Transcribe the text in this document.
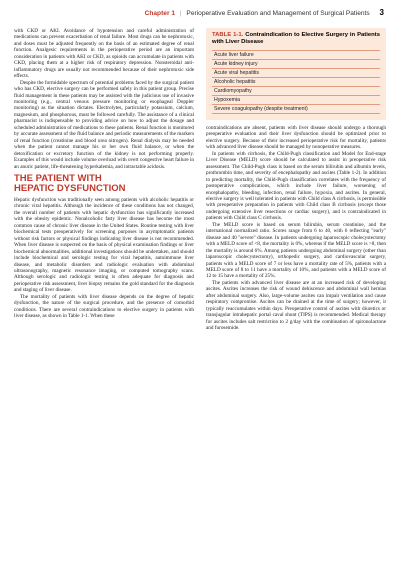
Chapter 1 | Perioperative Evaluation and Management of Surgical Patients 3

with CKD or AKI. Avoidance of hypotension and careful administration of medications can prevent exacerbation of renal failure. Most drugs can be nephrotoxic, and doses must be adjusted frequently on the basis of an estimated degree of renal function. Analgesic requirements in the perioperative period are an important consideration in patients with AKI or CKD, as opioids can accumulate in patients with CKD, placing them at a higher risk of respiratory depression. Nonsteroidal anti-inflammatory drugs are usually not recommended because of their nephrotoxic side effects.

Despite the formidable spectrum of potential problems faced by the surgical patient who has CKD, elective surgery can be performed safely in this patient group. Precise fluid management in these patients may be assisted with the judicious use of invasive monitoring (e.g., central venous pressure monitoring or esophageal Doppler monitoring) as the situation dictates. Electrolytes, particularly potassium, calcium, magnesium, and phosphorous, must be followed carefully. The assistance of a clinical pharmacist is indispensable to providing advice on how to adjust the dosage and scheduled administration of medications to these patients. Renal function is monitored by accurate assessment of the fluid balance and periodic measurements of the markers of renal function (creatinine and blood urea nitrogen). Renal dialysis may be needed when the patient cannot manage his or her own fluid balance, or when the detoxification or excretory function of the kidney is not performing properly. Examples of this would include volume overload with overt congestive heart failure in an anuric patient, life-threatening hyperkalemia, and intractable acidosis.

THE PATIENT WITH
HEPATIC DYSFUNCTION

Hepatic dysfunction was traditionally seen among patients with alcoholic hepatitis or chronic viral hepatitis. Although the incidence of these conditions has not changed, the overall number of patients with hepatic dysfunction has significantly increased with the obesity epidemic. Nonalcoholic fatty liver disease has become the most common cause of chronic liver disease in the United States. Routine testing with liver biochemical tests preoperatively for screening purposes in asymptomatic patients without risk factors or physical findings indicating liver disease is not recommended. When liver disease is suspected on the basis of physical examination findings or liver biochemical abnormalities, additional investigations should be undertaken, and should include biochemical and serologic testing for viral hepatitis, autoimmune liver disease, and metabolic disorders and radiologic evaluation with abdominal ultrasonography, magnetic resonance imaging, or computed tomography scans. Although serologic and radiologic testing is often adequate for diagnosis and perioperative risk assessment, liver biopsy remains the gold standard for the diagnosis and staging of liver disease.

The mortality of patients with liver disease depends on the degree of hepatic dysfunction, the nature of the surgical procedure, and the presence of comorbid conditions. There are several contraindications to elective surgery in patients with liver disease, as shown in Table 1-1. When these

TABLE 1-1. Contraindication to Elective Surgery in Patients with Liver Disease
Acute liver failure
Acute kidney injury
Acute viral hepatitis
Alcoholic hepatitis
Cardiomyopathy
Hypoxemia
Severe coagulopathy (despite treatment)

contraindications are absent, patients with liver disease should undergo a thorough preoperative evaluation and their liver dysfunction should be optimized prior to elective surgery. Because of their increased perioperative risk for mortality, patients with advanced liver disease should be managed by nonoperative measures.

In patients with cirrhosis, the Child-Pugh classification and Model for End-stage Liver Disease (MELD) score should be calculated to assist in preoperative risk assessment. The Child-Pugh class is based on the serum bilirubin and albumin levels, prothrombin time, and severity of encephalopathy and ascites (Table 1-2). In addition to predicting mortality, the Child-Pugh classification correlates with the frequency of postoperative complications, which include liver failure, worsening of encephalopathy, bleeding, infection, renal failure, hypoxia, and ascites. In general, elective surgery is well tolerated in patients with Child class A cirrhosis, is permissible with preoperative preparation in patients with Child class B cirrhosis (except those undergoing extensive liver resections or cardiac surgery), and is contraindicated in patients with Child class C cirrhosis.

The MELD score is based on serum bilirubin, serum creatinine, and the international normalized ratio. Scores range from 6 to 40, with 6 reflecting "early" disease and 40 "severe" disease. In patients undergoing laparoscopic cholecystectomy with a MELD score of <8, the mortality is 0%, whereas if the MELD score is >8, then the mortality is around 6%. Among patients undergoing abdominal surgery (other than laparoscopic cholecystectomy), orthopedic surgery, and cardiovascular surgery, patients with a MELD score of 7 or less have a mortality rate of 5%, patients with a MELD score of 8 to 11 have a mortality of 10%, and patients with a MELD score of 12 to 15 have a mortality of 25%.

The patients with advanced liver disease are at an increased risk of developing ascites. Ascites increases the risk of wound dehiscence and abdominal wall hernias after abdominal surgery. Also, large-volume ascites can impair ventilation and cause respiratory compromise. Ascites can be drained at the time of surgery; however, it typically reaccumulates within days. Preoperative control of ascites with diuretics or transjugular intrahepatic portal caval shunt (TIPS) is recommended. Medical therapy for ascites includes salt restriction to 2 g/day with the combination of spironolactone and furosemide.
